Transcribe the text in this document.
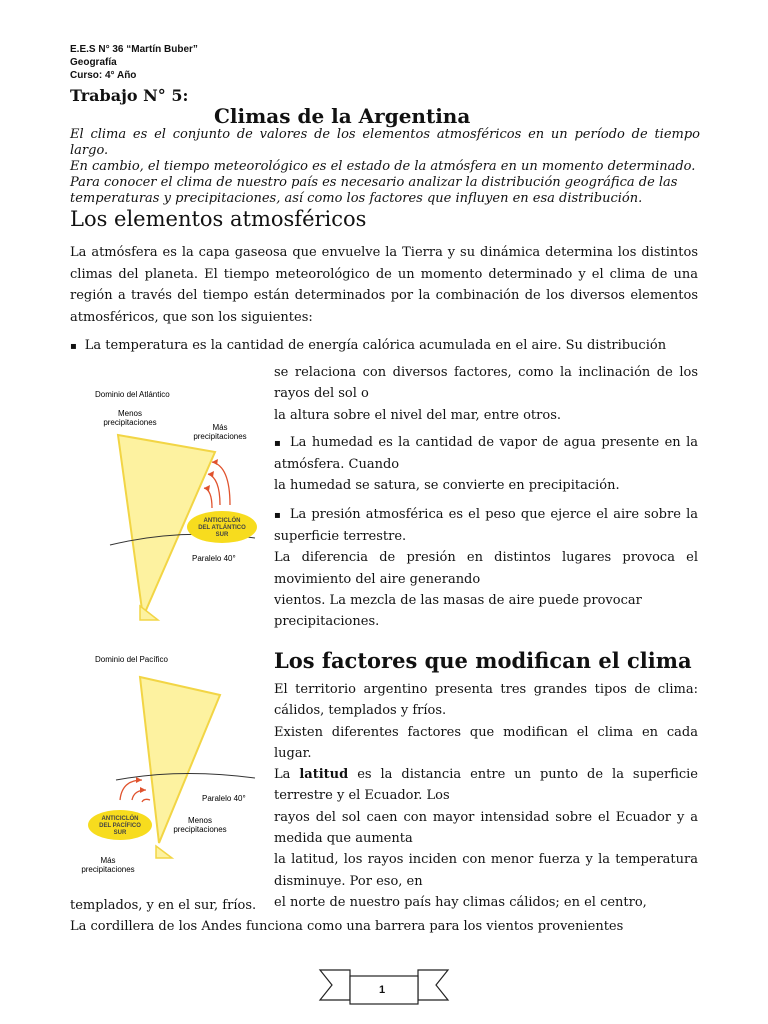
E.E.S N° 36 “Martín Buber”
Geografía
Curso: 4° Año
Trabajo N° 5:
Climas de la Argentina

El clima es el conjunto de valores de los elementos atmosféricos en un período de tiempo largo.

En cambio, el tiempo meteorológico es el estado de la atmósfera en un momento determinado.

Para conocer el clima de nuestro país es necesario analizar la distribución geográfica de las

temperaturas y precipitaciones, así como los factores que influyen en esa distribución.

Los elementos atmosféricos

La atmósfera es la capa gaseosa que envuelve la Tierra y su dinámica determina los distintos climas del planeta. El tiempo meteorológico de un momento determinado y el clima de una región a través del tiempo están determinados por la combinación de los diversos elementos atmosféricos, que son los siguientes:

▪ La temperatura es la cantidad de energía calórica acumulada en el aire. Su distribución

se relaciona con diversos factores, como la inclinación de los rayos del sol o

la altura sobre el nivel del mar, entre otros.

▪ La humedad es la cantidad de vapor de agua presente en la atmósfera. Cuando

la humedad se satura, se convierte en precipitación.

▪ La presión atmosférica es el peso que ejerce el aire sobre la superficie terrestre.

La diferencia de presión en distintos lugares provoca el movimiento del aire generando

vientos. La mezcla de las masas de aire puede provocar precipitaciones.

Los factores que modifican el clima

El territorio argentino presenta tres grandes tipos de clima: cálidos, templados y fríos.

Existen diferentes factores que modifican el clima en cada lugar.

La latitud es la distancia entre un punto de la superficie terrestre y el Ecuador. Los

rayos del sol caen con mayor intensidad sobre el Ecuador y a medida que aumenta

la latitud, los rayos inciden con menor fuerza y la temperatura disminuye. Por eso, en

el norte de nuestro país hay climas cálidos; en el centro,

templados, y en el sur, fríos.

La cordillera de los Andes funciona como una barrera para los vientos provenientes

Dominio del Atlántico
Menos precipitaciones
Más precipitaciones
ANTICICLÓN DEL ATLÁNTICO SUR
Paralelo 40°
Dominio del Pacífico
Paralelo 40°
Menos precipitaciones
ANTICICLÓN DEL PACÍFICO SUR
Más precipitaciones
1
